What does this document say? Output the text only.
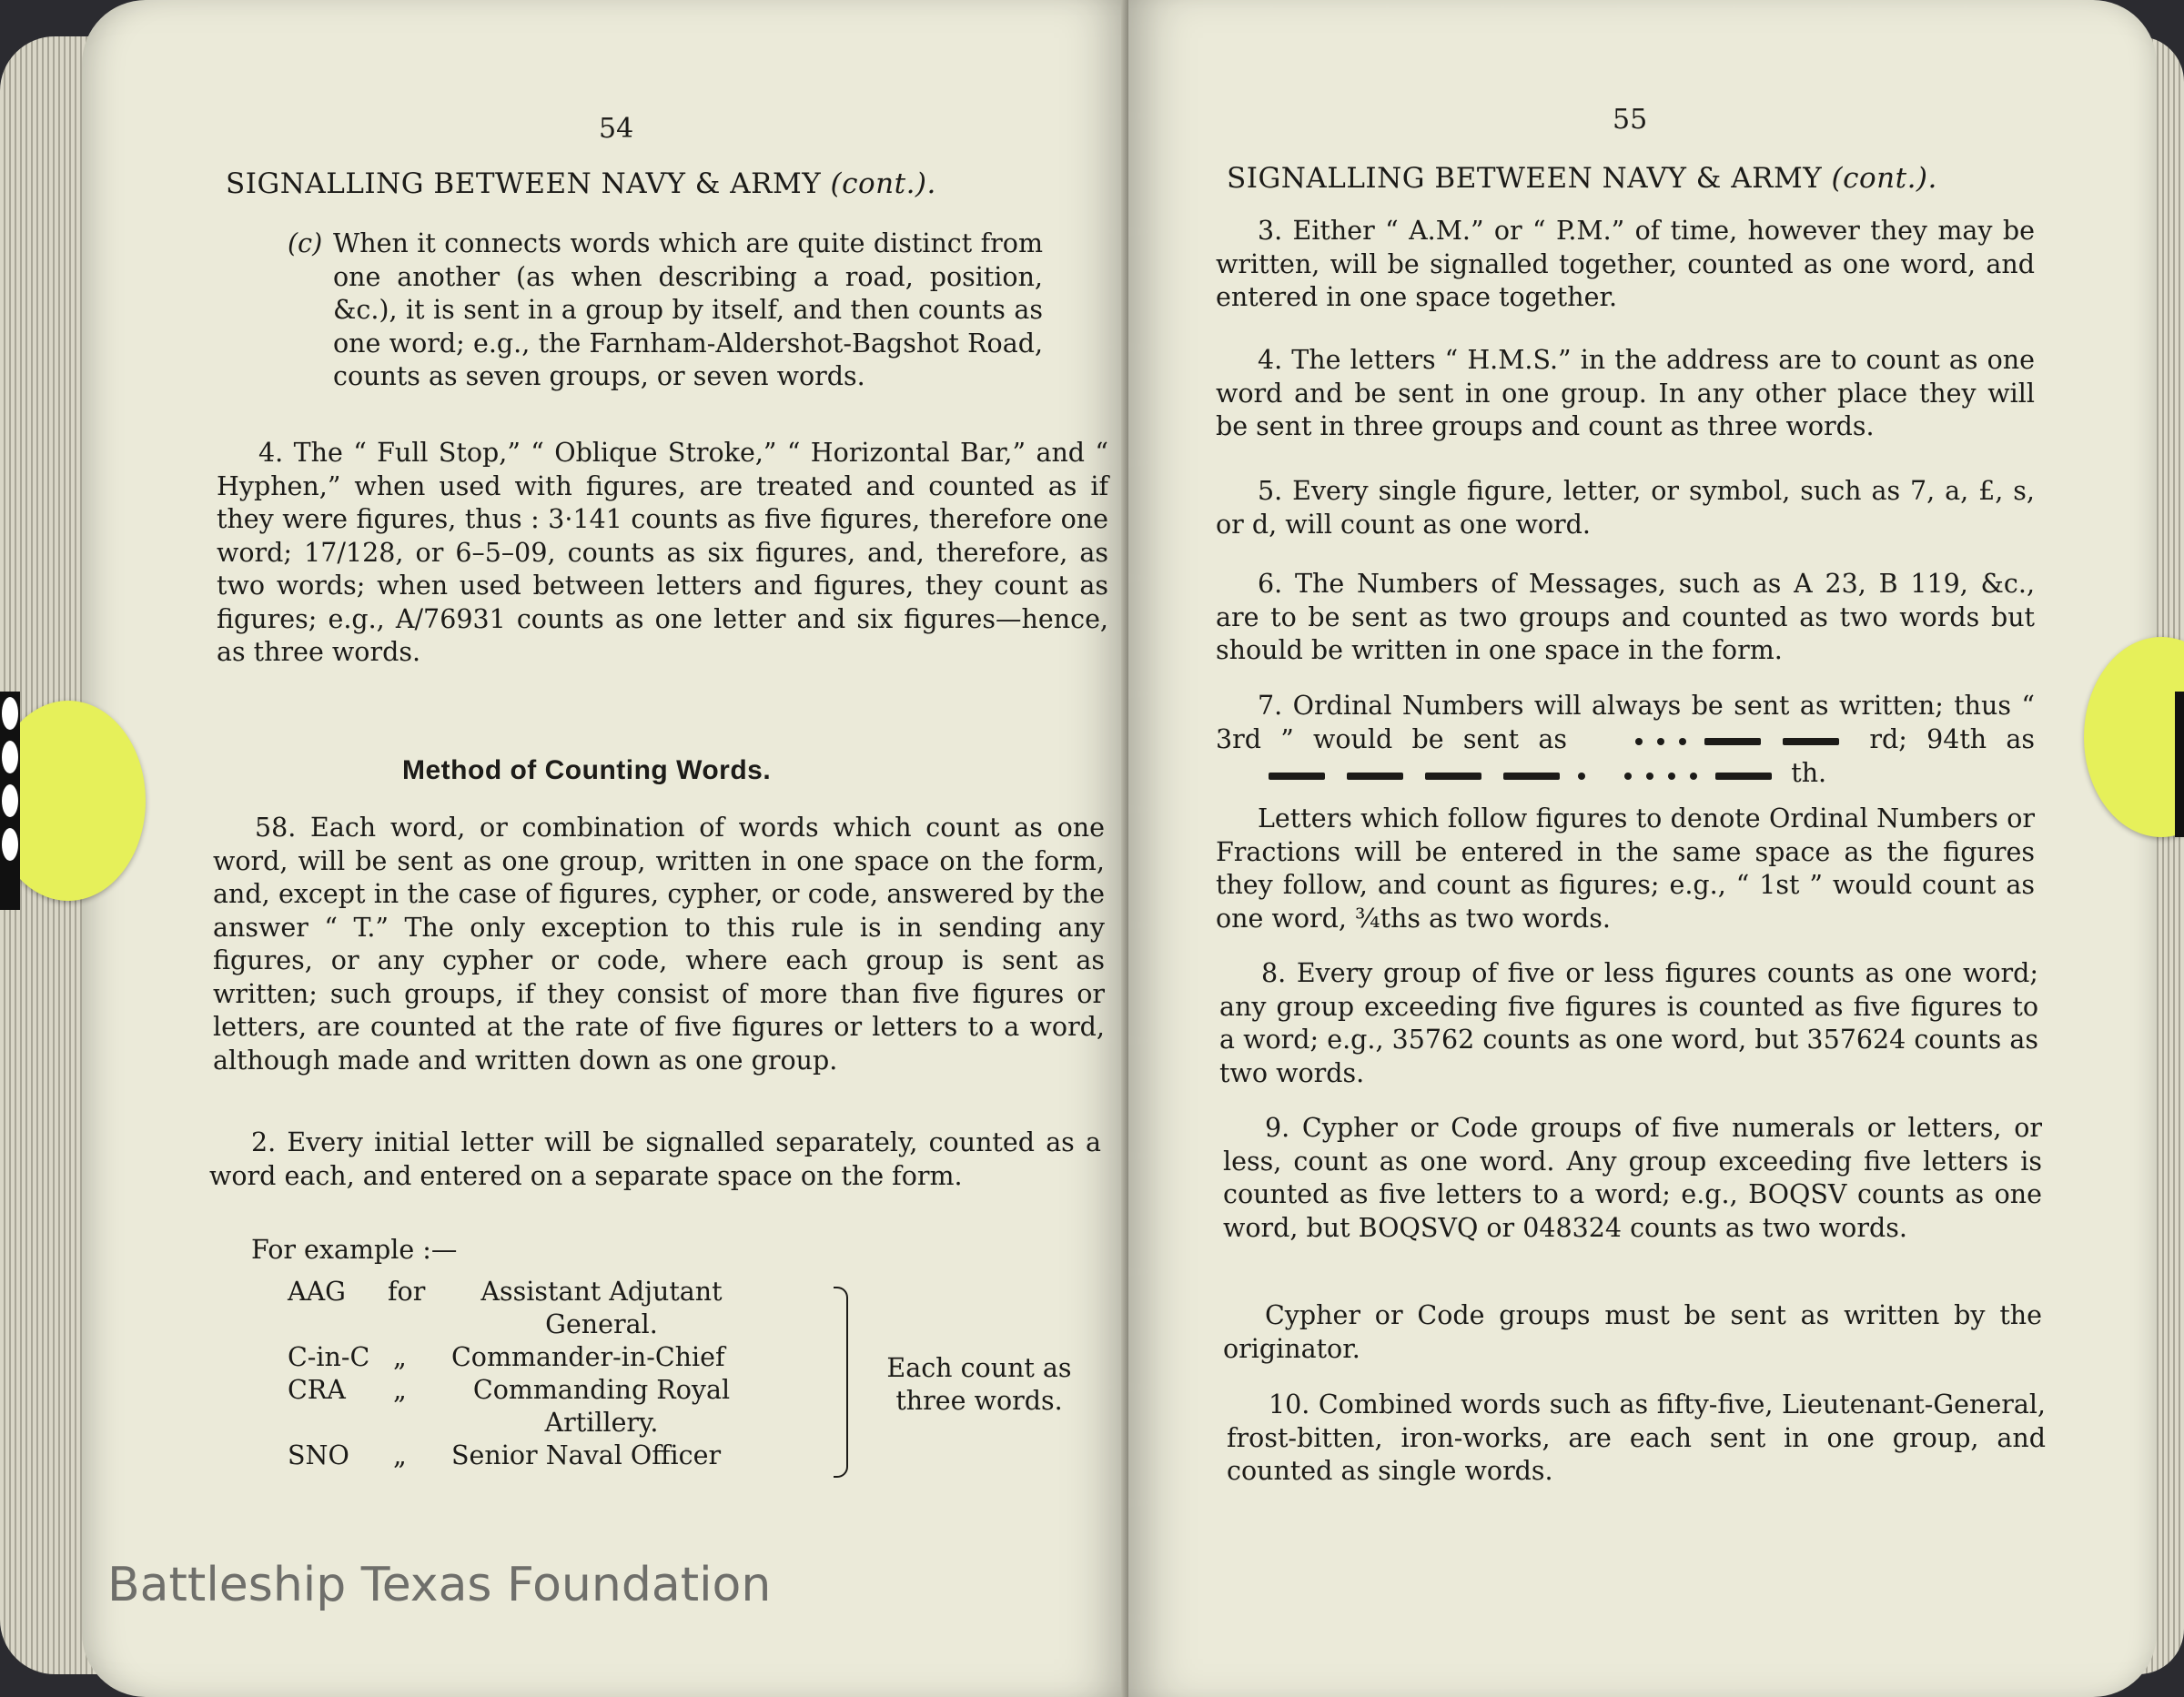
54
SIGNALLING BETWEEN NAVY & ARMY (cont.).
(c) When it connects words which are quite distinct from one another (as when describing a road, position, &c.), it is sent in a group by itself, and then counts as one word; e.g., the Farnham-Aldershot-Bagshot Road, counts as seven groups, or seven words.

4. The “ Full Stop,” “ Oblique Stroke,” “ Horizontal Bar,” and “ Hyphen,” when used with figures, are treated and counted as if they were figures, thus : 3·141 counts as five figures, therefore one word; 17/128, or 6–5–09, counts as six figures, and, therefore, as two words; when used between letters and figures, they count as figures; e.g., A/76931 counts as one letter and six figures—hence, as three words.

Method of Counting Words.

58. Each word, or combination of words which count as one word, will be sent as one group, written in one space on the form, and, except in the case of figures, cypher, or code, answered by the answer “ T.” The only exception to this rule is in sending any figures, or any cypher or code, where each group is sent as written; such groups, if they consist of more than five figures or letters, are counted at the rate of five figures or letters to a word, although made and written down as one group.

2. Every initial letter will be signalled separately, counted as a word each, and entered on a separate space on the form.

For example :—
AAG for	Assistant Adjutant General.
C-in-C „ Commander-in-Chief
CRA „	Commanding Royal Artillery.
SNO „ Senior Naval Officer
Each count as three words.
55
SIGNALLING BETWEEN NAVY & ARMY (cont.).

3. Either “ A.M.” or “ P.M.” of time, however they may be written, will be signalled together, counted as one word, and entered in one space together.

4. The letters “ H.M.S.” in the address are to count as one word and be sent in one group. In any other place they will be sent in three groups and count as three words.

5. Every single figure, letter, or symbol, such as 7, a, £, s, or d, will count as one word.

6. The Numbers of Messages, such as A 23, B 119, &c., are to be sent as two groups and counted as two words but should be written in one space in the form.

7. Ordinal Numbers will always be sent as written; thus “ 3rd ” would be sent as	rd; 94th as     th.

Letters which follow figures to denote Ordinal Numbers or Fractions will be entered in the same space as the figures they follow, and count as figures; e.g., “ 1st ” would count as one word, ¾ths as two words.

8. Every group of five or less figures counts as one word; any group exceeding five figures is counted as five figures to a word; e.g., 35762 counts as one word, but 357624 counts as two words.

9. Cypher or Code groups of five numerals or letters, or less, count as one word. Any group exceeding five letters is counted as five letters to a word; e.g., BOQSV counts as one word, but BOQSVQ or 048324 counts as two words.

Cypher or Code groups must be sent as written by the originator.

10. Combined words such as fifty-five, Lieutenant-General, frost-bitten, iron-works, are each sent in one group, and counted as single words.

Battleship Texas Foundation
